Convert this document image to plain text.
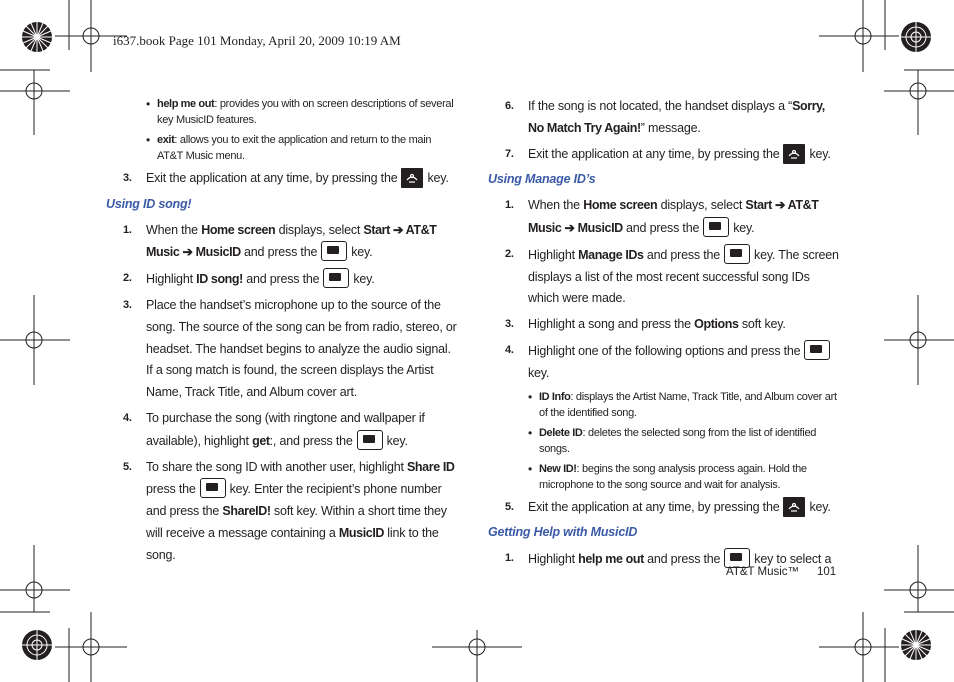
i637.book Page 101 Monday, April 20, 2009 10:19 AM
• help me out: provides you with on screen descriptions of several key MusicID features.
• exit: allows you to exit the application and return to the main AT&T Music menu.
3. Exit the application at any time, by pressing the key.
Using ID song!
1. When the Home screen displays, select Start ➔ AT&T Music ➔ MusicID and press the	key.
2. Highlight ID song! and press the	key.
3. Place the handset’s microphone up to the source of the song. The source of the song can be from radio, stereo, or headset. The handset begins to analyze the audio signal. If a song match is found, the screen displays the Artist Name, Track Title, and Album cover art.
4. To purchase the song (with ringtone and wallpaper if available), highlight get:, and press the	key.
5. To share the song ID with another user, highlight Share ID press the	key. Enter the recipient’s phone number and press the ShareID! soft key. Within a short time they will receive a message containing a MusicID link to the song.
6. If the song is not located, the handset displays a “Sorry, No Match Try Again!” message.
7. Exit the application at any time, by pressing the key.
Using Manage ID’s
1. When the Home screen displays, select Start ➔ AT&T Music ➔ MusicID and press the	key.
2. Highlight Manage IDs and press the	key. The screen displays a list of the most recent successful song IDs which were made.
3. Highlight a song and press the Options soft key.
4. Highlight one of the following options and press thekey.
• ID Info: displays the Artist Name, Track Title, and Album cover art of the identified song.
• Delete ID: deletes the selected song from the list of identified songs.
• New ID!: begins the song analysis process again. Hold the microphone to the song source and wait for analysis.
5. Exit the application at any time, by pressing the key.
Getting Help with MusicID
1. Highlight help me out and press the	key to select a
AT&T Music™ 101
